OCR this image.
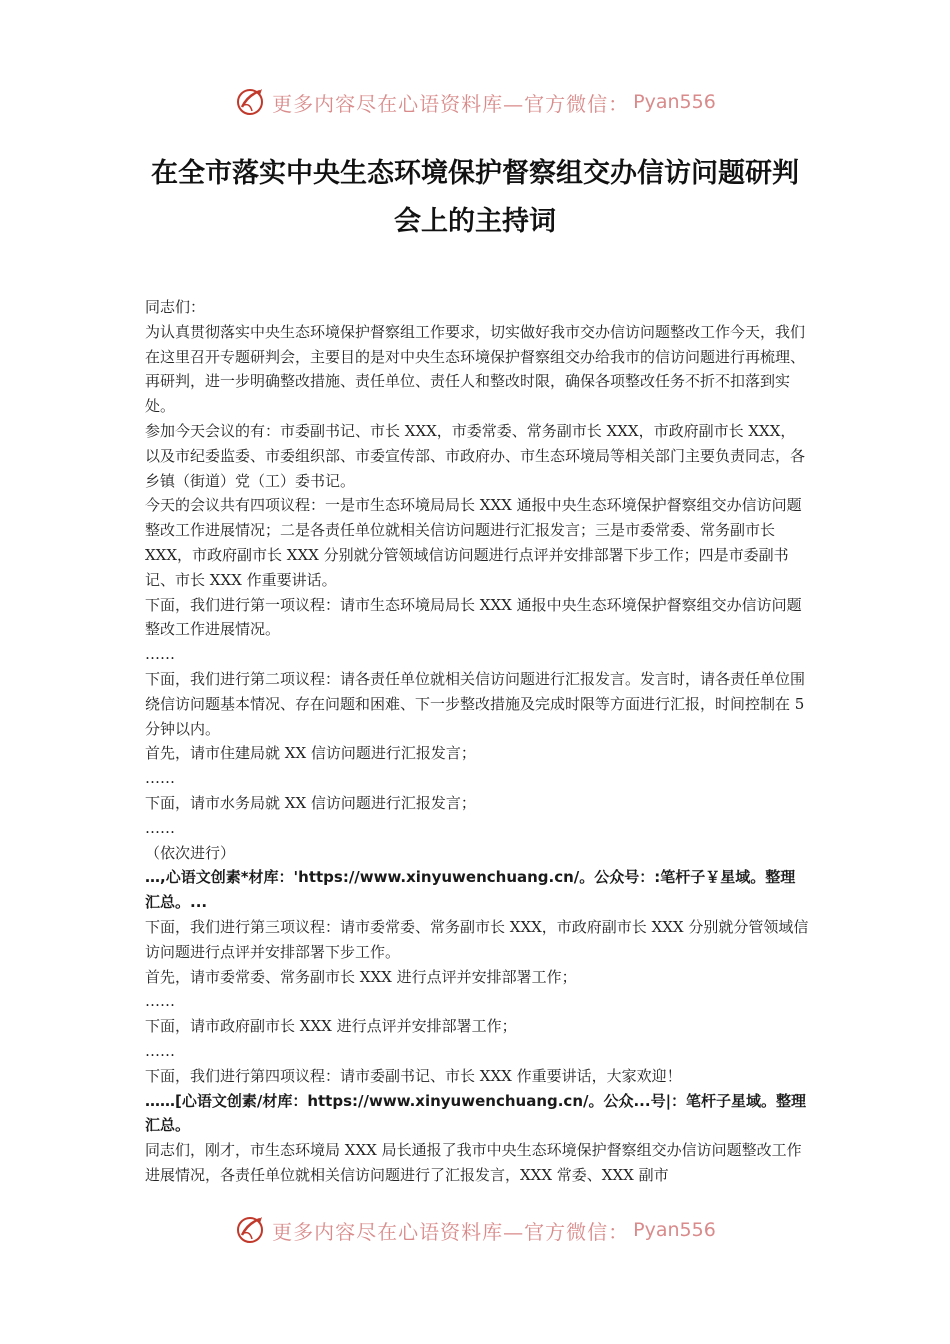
更多内容尽在心语资料库—官方微信： Pyan556
在全市落实中央生态环境保护督察组交办信访问题研判会上的主持词

同志们：

为认真贯彻落实中央生态环境保护督察组工作要求，切实做好我市交办信访问题整改工作今天，我们在这里召开专题研判会，主要目的是对中央生态环境保护督察组交办给我市的信访问题进行再梳理、再研判，进一步明确整改措施、责任单位、责任人和整改时限，确保各项整改任务不折不扣落到实处。

参加今天会议的有：市委副书记、市长 XXX，市委常委、常务副市长 XXX，市政府副市长 XXX，以及市纪委监委、市委组织部、市委宣传部、市政府办、市生态环境局等相关部门主要负责同志，各乡镇（街道）党（工）委书记。

今天的会议共有四项议程：一是市生态环境局局长 XXX 通报中央生态环境保护督察组交办信访问题整改工作进展情况；二是各责任单位就相关信访问题进行汇报发言；三是市委常委、常务副市长 XXX，市政府副市长 XXX 分别就分管领域信访问题进行点评并安排部署下步工作；四是市委副书记、市长 XXX 作重要讲话。

下面，我们进行第一项议程：请市生态环境局局长 XXX 通报中央生态环境保护督察组交办信访问题整改工作进展情况。

……

下面，我们进行第二项议程：请各责任单位就相关信访问题进行汇报发言。发言时，请各责任单位围绕信访问题基本情况、存在问题和困难、下一步整改措施及完成时限等方面进行汇报，时间控制在 5 分钟以内。

首先，请市住建局就 XX 信访问题进行汇报发言；

……

下面，请市水务局就 XX 信访问题进行汇报发言；

……

（依次进行）

…,心语文创素*材库：'https://www.xinyuwenchuang.cn/。公众号：:笔杆子￥星域。整理汇总。...

下面，我们进行第三项议程：请市委常委、常务副市长 XXX，市政府副市长 XXX 分别就分管领域信访问题进行点评并安排部署下步工作。

首先，请市委常委、常务副市长 XXX 进行点评并安排部署工作；

……

下面，请市政府副市长 XXX 进行点评并安排部署工作；

……

下面，我们进行第四项议程：请市委副书记、市长 XXX 作重要讲话，大家欢迎！

……[心语文创素/材库：https://www.xinyuwenchuang.cn/。公众...号|：笔杆子星域。整理汇总。

同志们，刚才，市生态环境局 XXX 局长通报了我市中央生态环境保护督察组交办信访问题整改工作进展情况，各责任单位就相关信访问题进行了汇报发言，XXX 常委、XXX 副市

更多内容尽在心语资料库—官方微信： Pyan556
